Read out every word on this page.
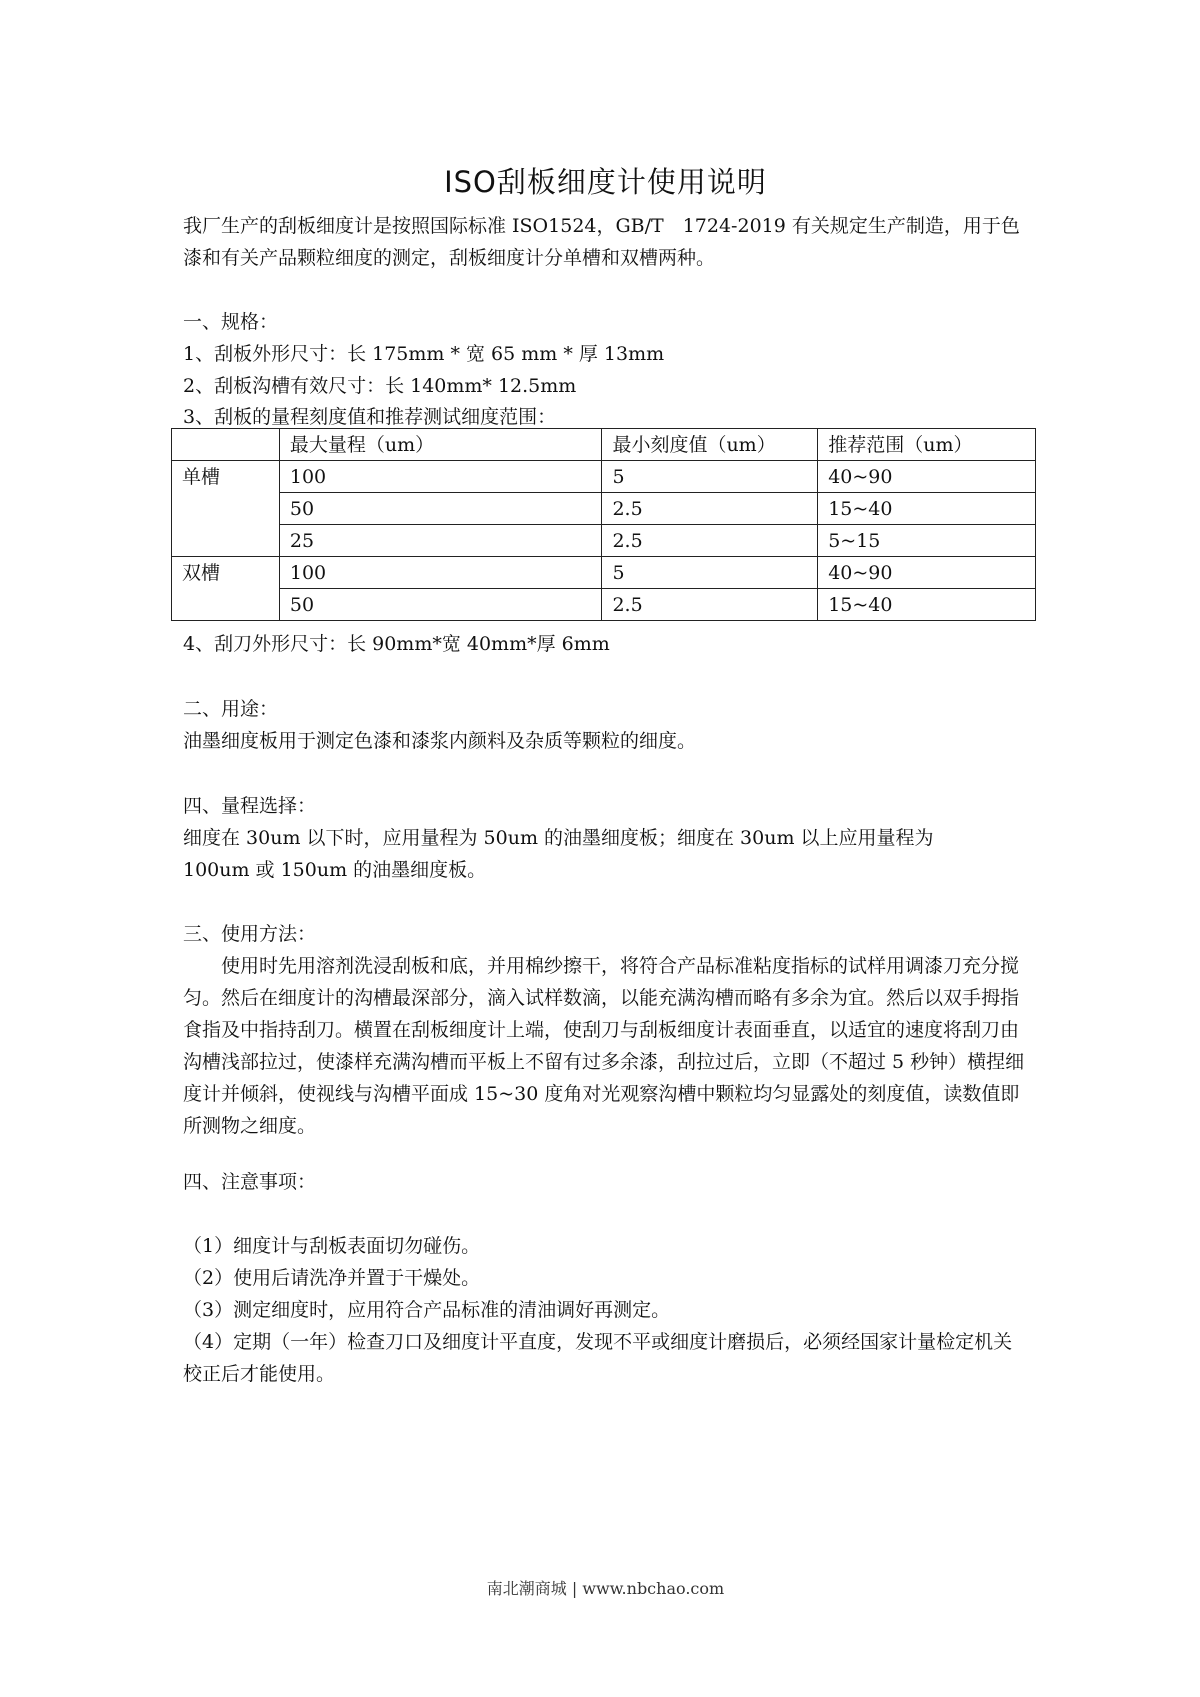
ISO刮板细度计使用说明
我厂生产的刮板细度计是按照国际标准 ISO1524，GB/T　1724-2019 有关规定生产制造，用于色漆和有关产品颗粒细度的测定，刮板细度计分单槽和双槽两种。
一、规格：
1、刮板外形尺寸：长 175mm * 宽 65 mm * 厚 13mm
2、刮板沟槽有效尺寸：长 140mm* 12.5mm
3、刮板的量程刻度值和推荐测试细度范围：
	最大量程（um）	最小刻度值（um）	推荐范围（um）
单槽	100	5	40~90
	50	2.5	15~40
	25	2.5	5~15
双槽	100	5	40~90
	50	2.5	15~40
4、刮刀外形尺寸：长 90mm*宽 40mm*厚 6mm
二、用途：
油墨细度板用于测定色漆和漆浆内颜料及杂质等颗粒的细度。
四、量程选择：
细度在 30um 以下时，应用量程为 50um 的油墨细度板；细度在 30um 以上应用量程为
100um 或 150um 的油墨细度板。
三、使用方法：
使用时先用溶剂洗浸刮板和底，并用棉纱擦干，将符合产品标准粘度指标的试样用调漆刀充分搅匀。然后在细度计的沟槽最深部分，滴入试样数滴，以能充满沟槽而略有多余为宜。然后以双手拇指食指及中指持刮刀。横置在刮板细度计上端，使刮刀与刮板细度计表面垂直，以适宜的速度将刮刀由沟槽浅部拉过，使漆样充满沟槽而平板上不留有过多余漆，刮拉过后，立即（不超过 5 秒钟）横捏细度计并倾斜，使视线与沟槽平面成 15~30 度角对光观察沟槽中颗粒均匀显露处的刻度值，读数值即所测物之细度。
四、注意事项：
（1）细度计与刮板表面切勿碰伤。
（2）使用后请洗净并置于干燥处。
（3）测定细度时，应用符合产品标准的清油调好再测定。
（4）定期（一年）检查刀口及细度计平直度，发现不平或细度计磨损后，必须经国家计量检定机关校正后才能使用。
南北潮商城 | www.nbchao.com
